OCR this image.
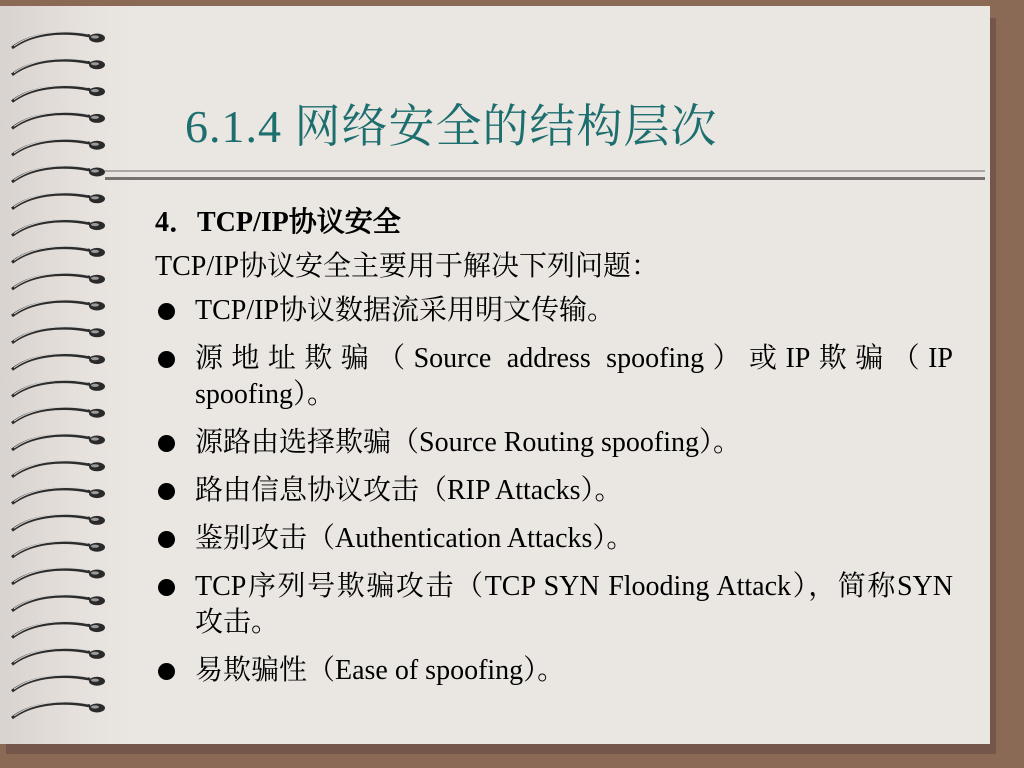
6.1.4 网络安全的结构层次
4．TCP/IP协议安全
TCP/IP协议安全主要用于解决下列问题：
TCP/IP协议数据流采用明文传输。
源地址欺骗（Source address spoofing）或IP欺骗（IP spoofing）。
源路由选择欺骗（Source Routing spoofing）。
路由信息协议攻击（RIP Attacks）。
鉴别攻击（Authentication Attacks）。
TCP序列号欺骗攻击（TCP SYN Flooding Attack），简称SYN攻击。
易欺骗性（Ease of spoofing）。
